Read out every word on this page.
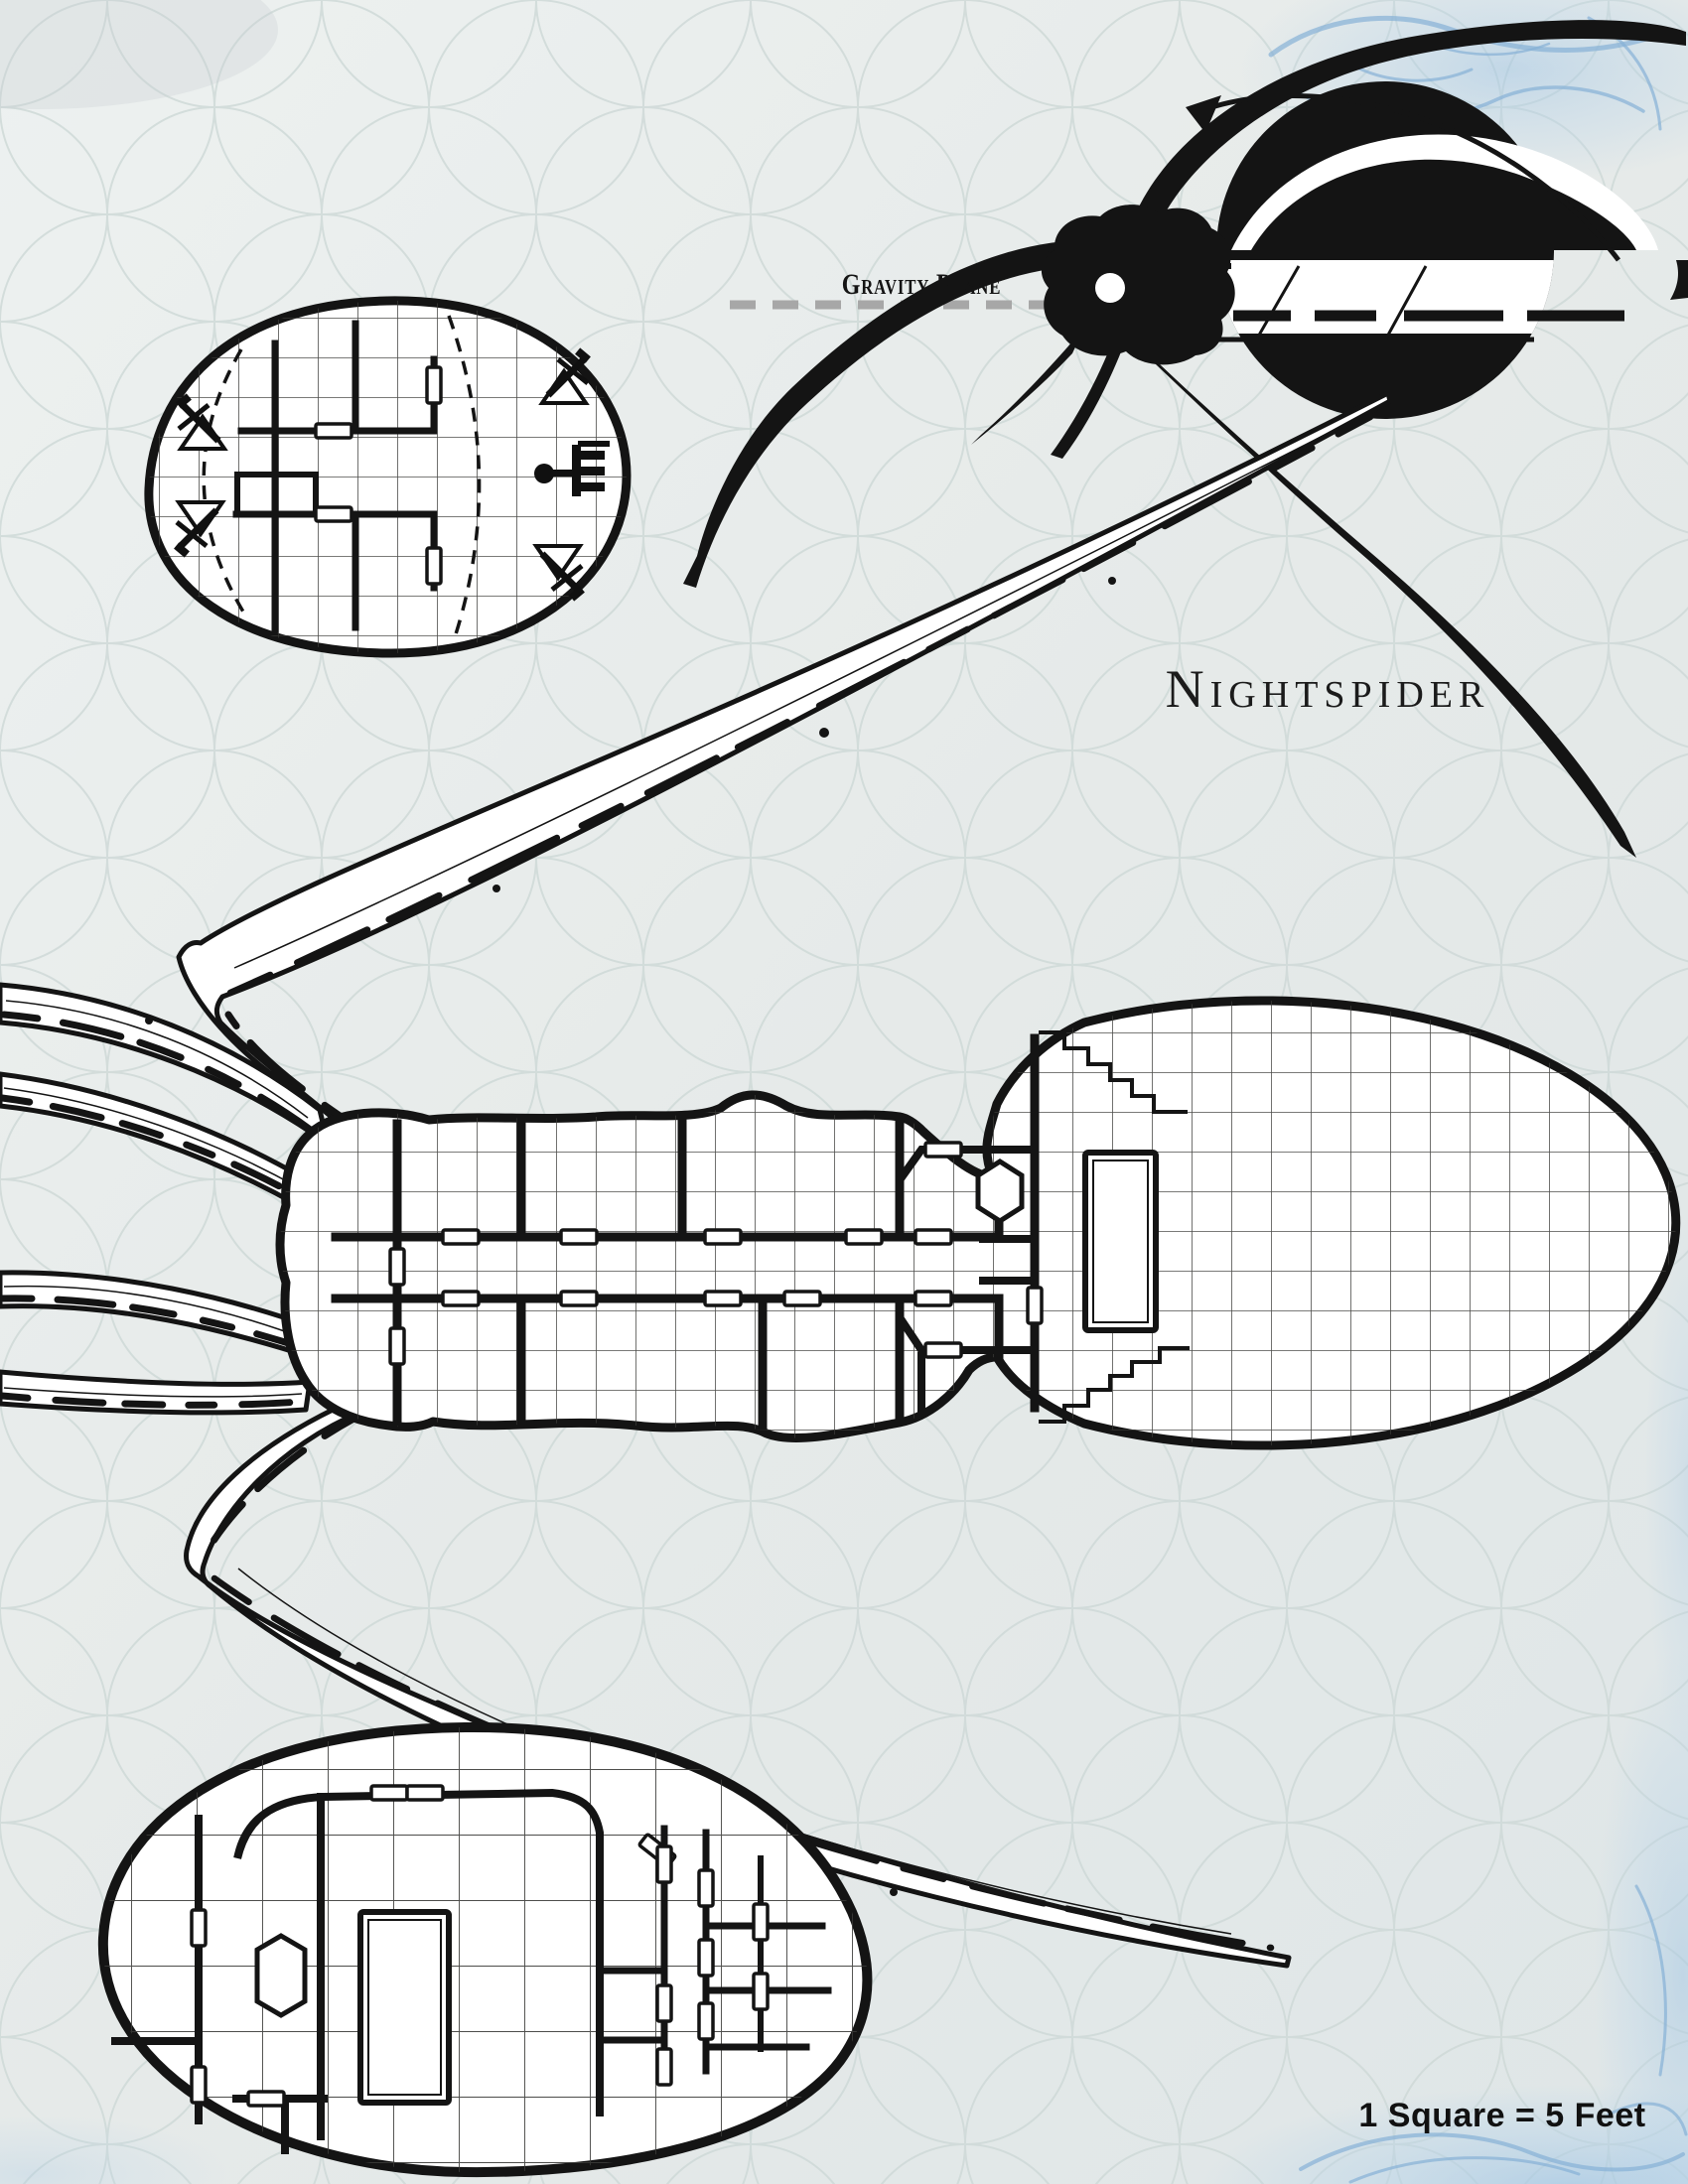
Gravity Plane
Nightspider
1 Square = 5 Feet
